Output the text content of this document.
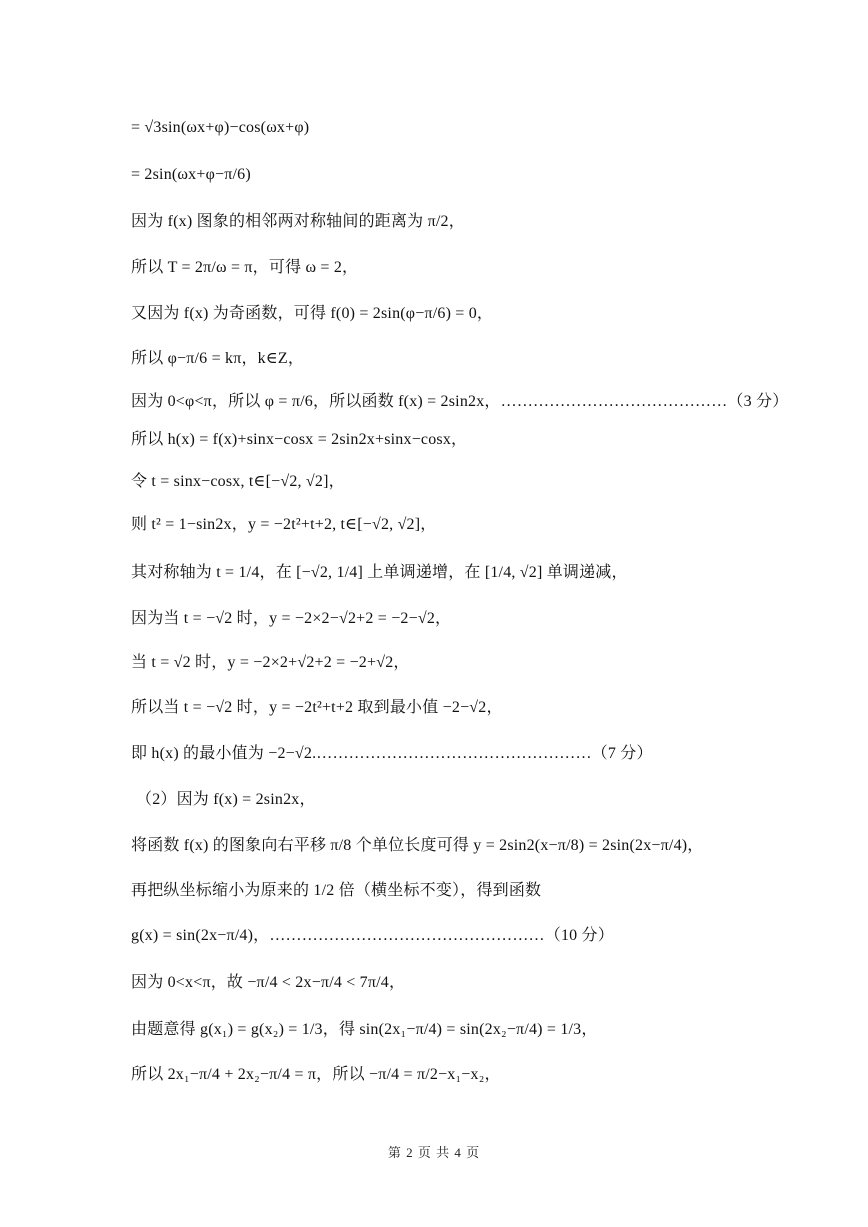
= √3sin(ωx+φ)−cos(ωx+φ)
= 2sin(ωx+φ−π/6)
因为 f(x) 图象的相邻两对称轴间的距离为 π/2，
所以 T = 2π/ω = π，可得 ω = 2，
又因为 f(x) 为奇函数，可得 f(0) = 2sin(φ−π/6) = 0，
所以 φ−π/6 = kπ，k∈Z，
因为 0<φ<π，所以 φ = π/6，所以函数 f(x) = 2sin2x，……………………………………（3 分）
所以 h(x) = f(x)+sinx−cosx = 2sin2x+sinx−cosx，
令 t = sinx−cosx, t∈[−√2, √2]，
则 t² = 1−sin2x，y = −2t²+t+2, t∈[−√2, √2]，
其对称轴为 t = 1/4，在 [−√2, 1/4] 上单调递增，在 [1/4, √2] 单调递减，
因为当 t = −√2 时，y = −2×2−√2+2 = −2−√2，
当 t = √2 时，y = −2×2+√2+2 = −2+√2，
所以当 t = −√2 时，y = −2t²+t+2 取到最小值 −2−√2，
即 h(x) 的最小值为 −2−√2.……………………………………………（7 分）
（2）因为 f(x) = 2sin2x，
将函数 f(x) 的图象向右平移 π/8 个单位长度可得 y = 2sin2(x−π/8) = 2sin(2x−π/4)，
再把纵坐标缩小为原来的 1/2 倍（横坐标不变），得到函数
g(x) = sin(2x−π/4)，……………………………………………（10 分）
因为 0<x<π，故 −π/4 < 2x−π/4 < 7π/4，
由题意得 g(x₁) = g(x₂) = 1/3，得 sin(2x₁−π/4) = sin(2x₂−π/4) = 1/3，
所以 2x₁−π/4 + 2x₂−π/4 = π，所以 −π/4 = π/2−x₁−x₂，
第 2 页 共 4 页
